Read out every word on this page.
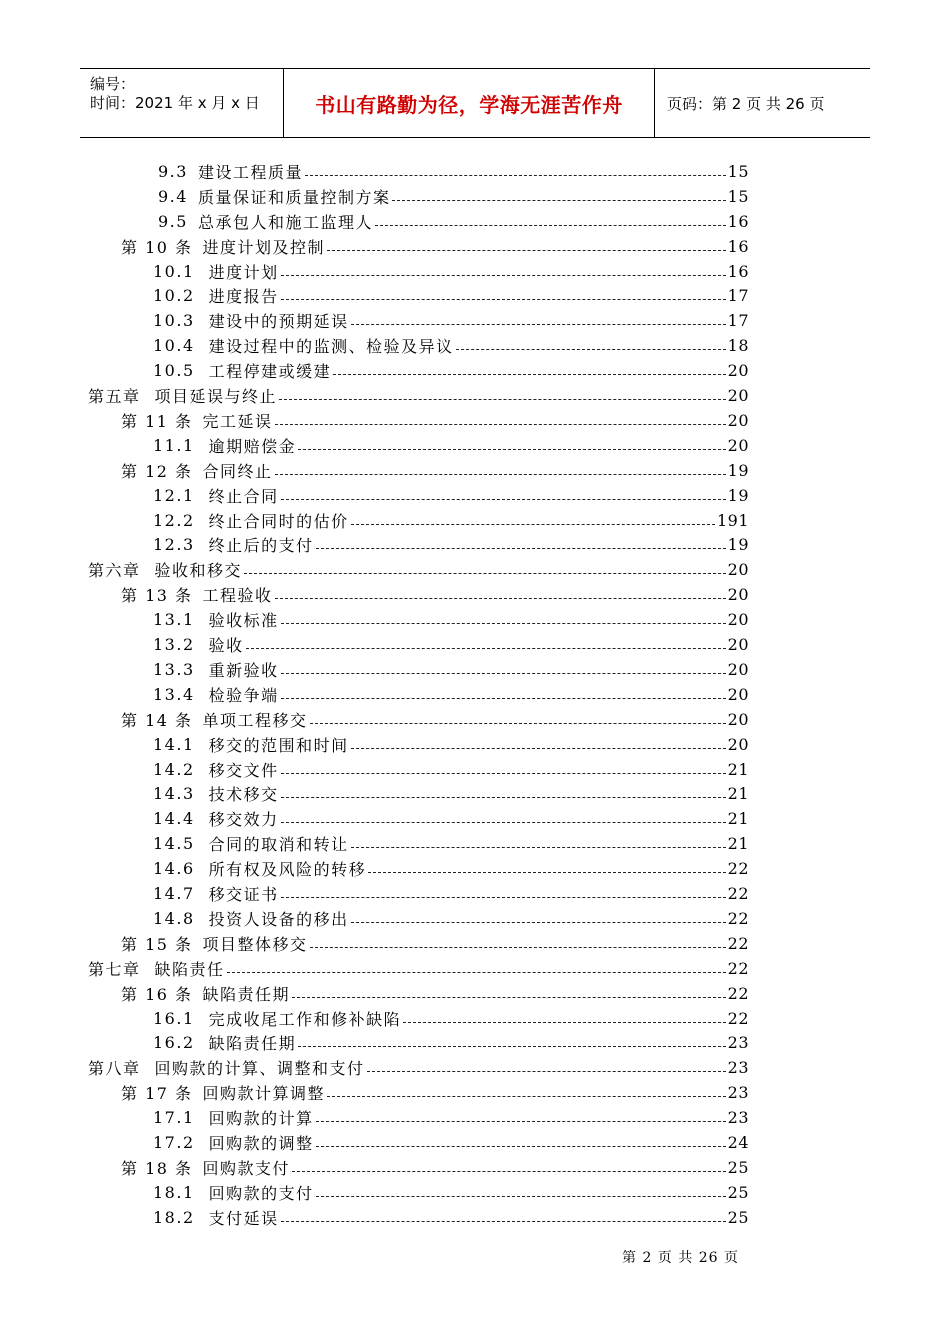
编号：
时间：2021 年 x 月 x 日	书山有路勤为径，学海无涯苦作舟	页码：第 2 页 共 26 页
9.3 建设工程质量	15
9.4 质量保证和质量控制方案	15
9.5 总承包人和施工监理人	16
第 10 条 进度计划及控制	16
10.1 进度计划	16
10.2 进度报告	17
10.3 建设中的预期延误	17
10.4 建设过程中的监测、检验及异议	18
10.5 工程停建或缓建	20
第五章 项目延误与终止	20
第 11 条 完工延误	20
11.1 逾期赔偿金	20
第 12 条 合同终止	19
12.1 终止合同	19
12.2 终止合同时的估价	191
12.3 终止后的支付	19
第六章 验收和移交	20
第 13 条 工程验收	20
13.1 验收标准	20
13.2 验收	20
13.3 重新验收	20
13.4 检验争端	20
第 14 条 单项工程移交	20
14.1 移交的范围和时间	20
14.2 移交文件	21
14.3 技术移交	21
14.4 移交效力	21
14.5 合同的取消和转让	21
14.6 所有权及风险的转移	22
14.7 移交证书	22
14.8 投资人设备的移出	22
第 15 条 项目整体移交	22
第七章 缺陷责任	22
第 16 条 缺陷责任期	22
16.1 完成收尾工作和修补缺陷	22
16.2 缺陷责任期	23
第八章 回购款的计算、调整和支付	23
第 17 条 回购款计算调整	23
17.1 回购款的计算	23
17.2 回购款的调整	24
第 18 条 回购款支付	25
18.1 回购款的支付	25
18.2 支付延误	25
第 2 页 共 26 页
